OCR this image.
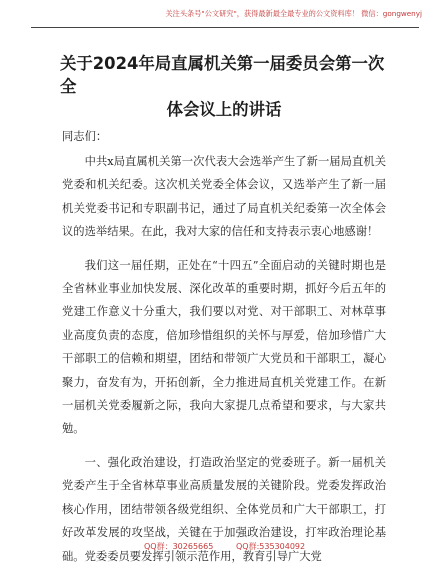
关注头条号"公文研究"，获得最新最全最专业的公文资料库！ 微信：gongwenyj
关于2024年局直属机关第一届委员会第一次全
体会议上的讲话
同志们：

中共x局直属机关第一次代表大会选举产生了新一届局直机关党委和机关纪委。这次机关党委全体会议，又选举产生了新一届机关党委书记和专职副书记，通过了局直机关纪委第一次全体会议的选举结果。在此，我对大家的信任和支持表示衷心地感谢！

我们这一届任期，正处在“十四五”全面启动的关键时期也是全省林业事业加快发展、深化改革的重要时期，抓好今后五年的党建工作意义十分重大，我们要以对党、对干部职工、对林草事业高度负责的态度，倍加珍惜组织的关怀与厚爱，倍加珍惜广大干部职工的信赖和期望，团结和带领广大党员和干部职工，凝心聚力，奋发有为，开拓创新，全力推进局直机关党建工作。在新一届机关党委履新之际，我向大家提几点希望和要求，与大家共勉。

一、强化政治建设，打造政治坚定的党委班子。新一届机关党委产生于全省林草事业高质量发展的关键阶段。党委发挥政治核心作用，团结带领各级党组织、全体党员和广大干部职工，打好改革发展的攻坚战，关键在于加强政治建设，打牢政治理论基础。党委委员要发挥引领示范作用，教育引导广大党

QQ群：30265665	QQ群:535304092
